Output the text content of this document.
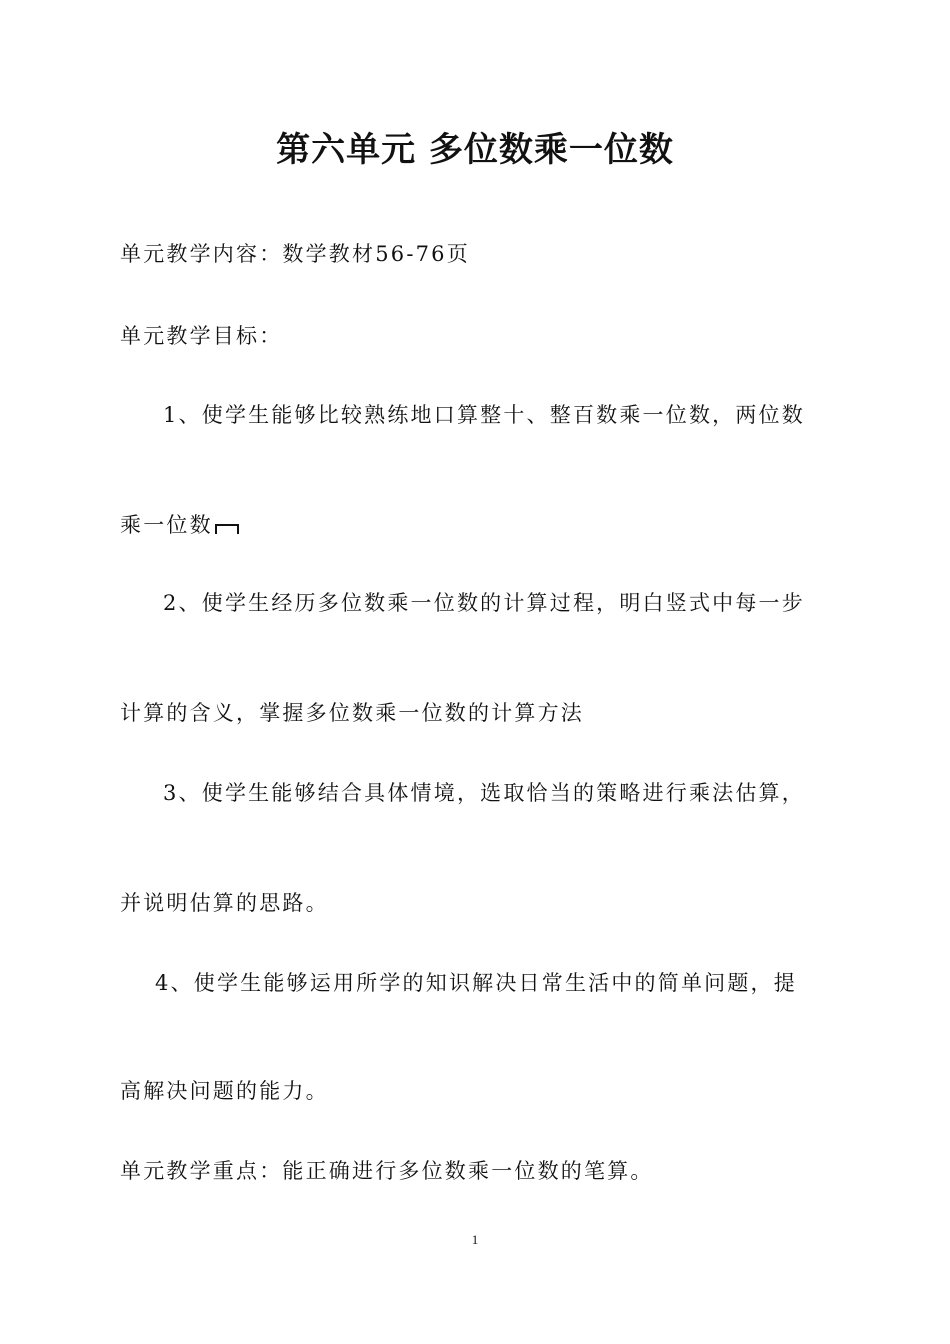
第六单元 多位数乘一位数
单元教学内容：数学教材56-76页
单元教学目标：
1、使学生能够比较熟练地口算整十、整百数乘一位数，两位数
乘一位数
2、使学生经历多位数乘一位数的计算过程，明白竖式中每一步
计算的含义，掌握多位数乘一位数的计算方法
3、使学生能够结合具体情境，选取恰当的策略进行乘法估算，
并说明估算的思路。
4、使学生能够运用所学的知识解决日常生活中的简单问题，提
高解决问题的能力。
单元教学重点：能正确进行多位数乘一位数的笔算。
1
